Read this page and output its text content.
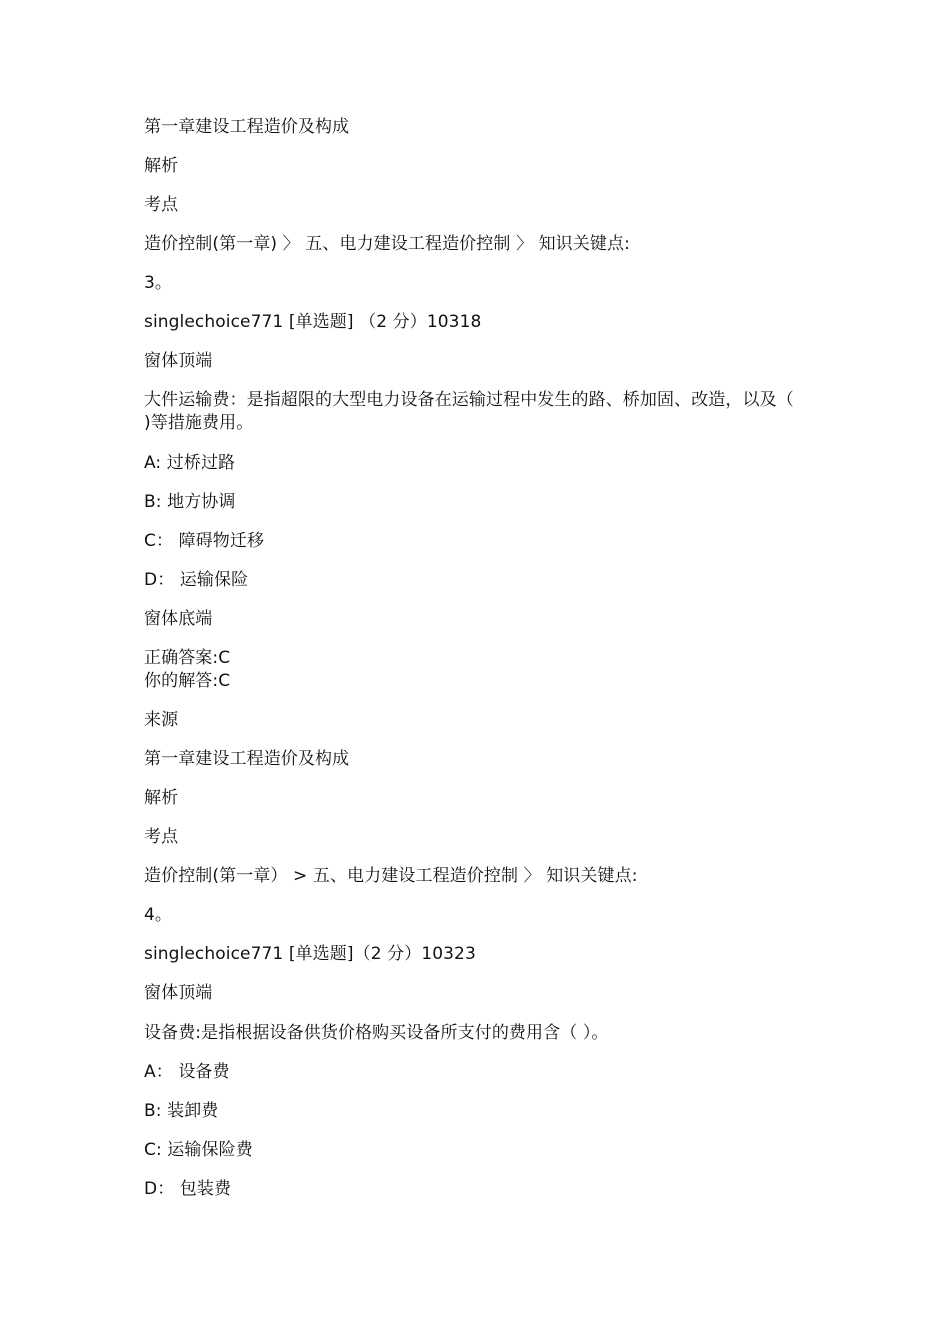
第一章建设工程造价及构成
解析
考点
造价控制(第一章) 〉 五、电力建设工程造价控制 〉 知识关键点:
3。
singlechoice771 [单选题] （2 分）10318
窗体顶端
大件运输费：是指超限的大型电力设备在运输过程中发生的路、桥加固、改造，以及（ )等措施费用。
A: 过桥过路
B: 地方协调
C： 障碍物迁移
D： 运输保险
窗体底端
正确答案:C
你的解答:C
来源
第一章建设工程造价及构成
解析
考点
造价控制(第一章） > 五、电力建设工程造价控制 〉 知识关键点:
4。
singlechoice771 [单选题]（2 分）10323
窗体顶端
设备费:是指根据设备供货价格购买设备所支付的费用含（ ）。
A： 设备费
B: 装卸费
C: 运输保险费
D： 包装费
